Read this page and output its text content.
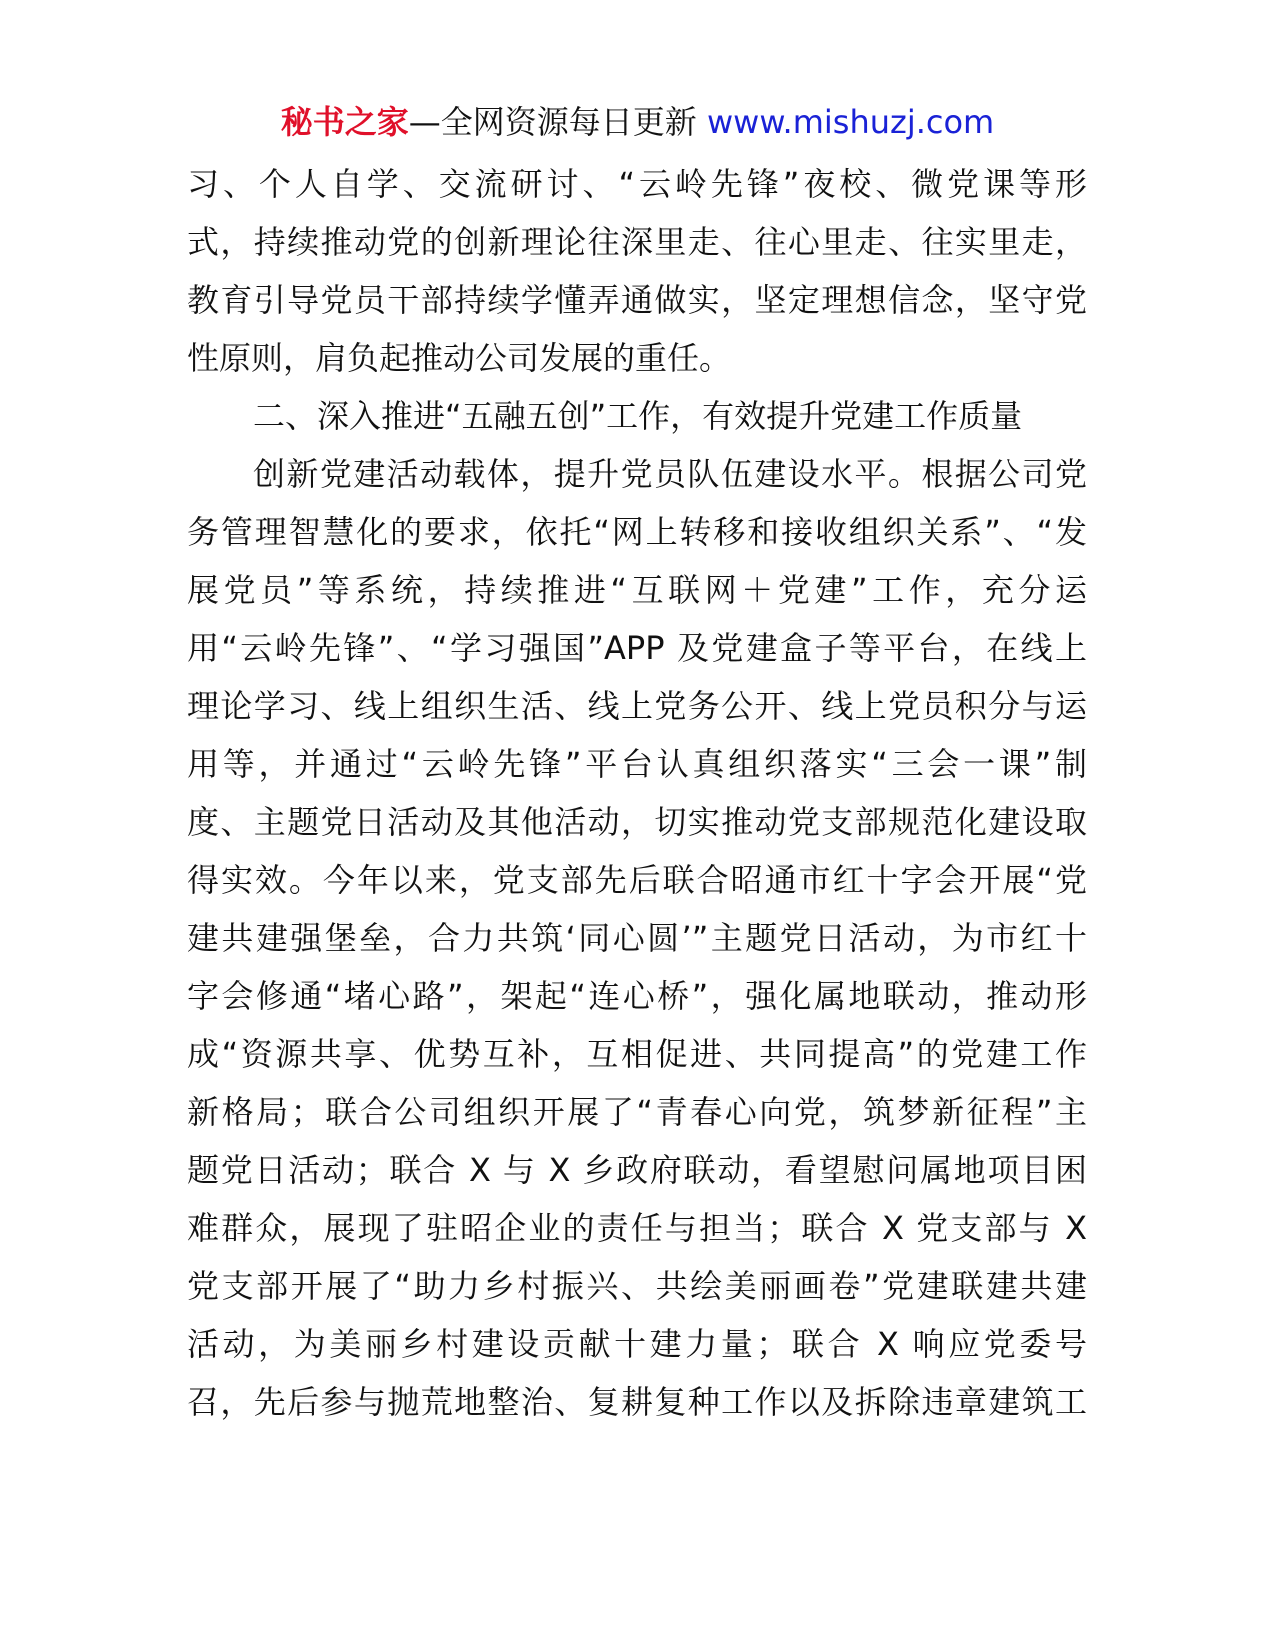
秘书之家—全网资源每日更新 www.mishuzj.com
习、个人自学、交流研讨、“云岭先锋”夜校、微党课等形
式，持续推动党的创新理论往深里走、往心里走、往实里走，
教育引导党员干部持续学懂弄通做实，坚定理想信念，坚守党
性原则，肩负起推动公司发展的重任。
二、深入推进“五融五创”工作，有效提升党建工作质量
创新党建活动载体，提升党员队伍建设水平。根据公司党
务管理智慧化的要求，依托“网上转移和接收组织关系”、“发
展党员”等系统，持续推进“互联网＋党建”工作，充分运
用“云岭先锋”、“学习强国”APP 及党建盒子等平台，在线上
理论学习、线上组织生活、线上党务公开、线上党员积分与运
用等，并通过“云岭先锋”平台认真组织落实“三会一课”制
度、主题党日活动及其他活动，切实推动党支部规范化建设取
得实效。今年以来，党支部先后联合昭通市红十字会开展“党
建共建强堡垒，合力共筑‘同心圆’”主题党日活动，为市红十
字会修通“堵心路”，架起“连心桥”，强化属地联动，推动形
成“资源共享、优势互补，互相促进、共同提高”的党建工作
新格局；联合公司组织开展了“青春心向党，筑梦新征程”主
题党日活动；联合 X 与 X 乡政府联动，看望慰问属地项目困
难群众，展现了驻昭企业的责任与担当；联合 X 党支部与 X
党支部开展了“助力乡村振兴、共绘美丽画卷”党建联建共建
活动，为美丽乡村建设贡献十建力量；联合 X 响应党委号
召，先后参与抛荒地整治、复耕复种工作以及拆除违章建筑工
